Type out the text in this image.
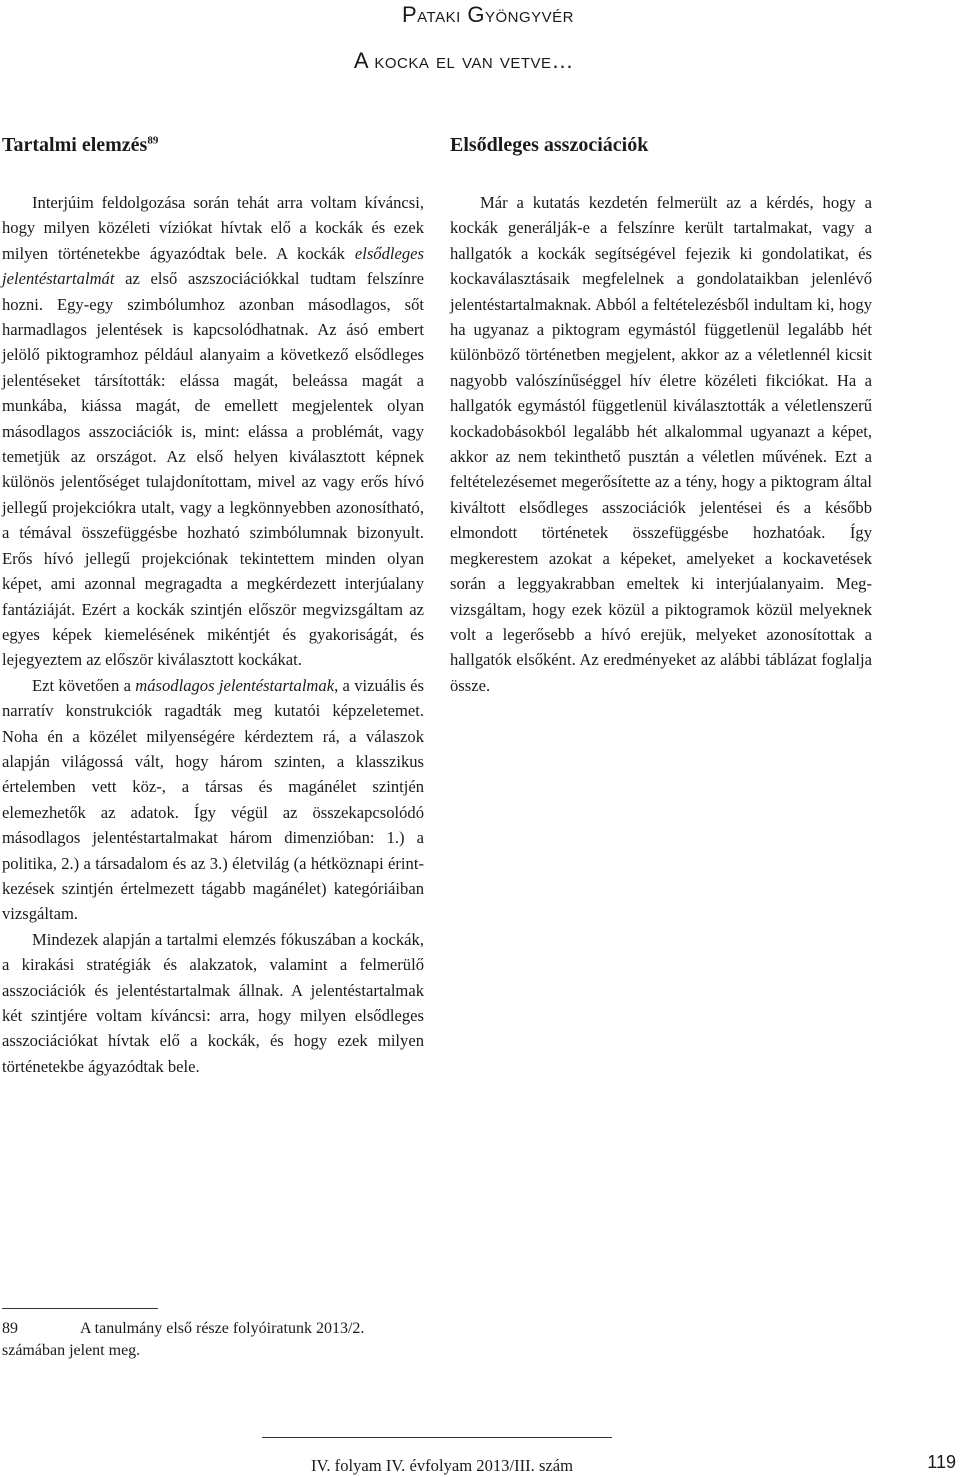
Pataki Gyöngyvér
A kocka el van vetve…
Tartalmi elemzés$^{89}$

Interjúim feldolgozása során tehát arra voltam kíváncsi, hogy milyen közéleti víziókat hívtak elő a kockák és ezek milyen történetekbe ágyazódtak bele. A kockák elsődleges jelentéstartalmát az első aszszociációkkal tudtam felszínre hozni. Egy-egy szimbólumhoz azonban másodlagos, sőt harmadlagos jelentések is kapcsolódhatnak. Az ásó embert jelölő piktogramhoz például alanyaim a következő elsődleges jelentéseket társították: elássa magát, beleássa magát a munkába, kiássa magát, de emellett megjelentek olyan másodlagos asszociációk is, mint: elássa a problémát, vagy temetjük az országot. Az első helyen kiválasztott képnek különös jelentőséget tulajdonítottam, mivel az vagy erős hívó jellegű projekciókra utalt, vagy a legkönnyebben azonosítható, a témával összefüggésbe hozható szimbólumnak bizonyult. Erős hívó jellegű projekciónak tekintettem minden olyan képet, ami azonnal megragadta a megkérdezett interjúalany fantáziáját. Ezért a kockák szintjén először megvizsgáltam az egyes képek kiemelésének mikéntjét és gyakoriságát, és lejegyeztem az először kiválasztott kockákat.

Ezt követően a másodlagos jelentéstartalmak, a vizuális és narratív konstrukciók ragadták meg kutatói képzeletemet. Noha én a közélet milyenségére kérdeztem rá, a válaszok alapján világossá vált, hogy három szinten, a klasszikus értelemben vett köz-, a társas és magánélet szintjén elemezhetők az adatok. Így végül az összekapcsolódó másodlagos jelentéstartalmakat három dimenzióban: 1.) a politika, 2.) a társadalom és az 3.) életvilág (a hétköznapi érintkezések szintjén értelmezett tágabb magánélet) kategóriáiban vizsgáltam.

Mindezek alapján a tartalmi elemzés fókuszában a kockák, a kirakási stratégiák és alakzatok, valamint a felmerülő asszociációk és jelentéstartalmak állnak. A jelentéstartalmak két szintjére voltam kíváncsi: arra, hogy milyen elsődleges asszociációkat hívtak elő a kockák, és hogy ezek milyen történetekbe ágyazódtak bele.

Elsődleges asszociációk

Már a kutatás kezdetén felmerült az a kérdés, hogy a kockák generálják-e a felszínre került tartalmakat, vagy a hallgatók a kockák segítségével fejezik ki gondolatikat, és kockaválasztásaik megfelelnek a gondolataikban jelenlévő jelentéstartalmaknak. Abból a feltételezésből indultam ki, hogy ha ugyanaz a piktogram egymástól függetlenül legalább hét különböző történetben megjelent, akkor az a véletlennél kicsit nagyobb valószínűséggel hív életre közéleti fikciókat. Ha a hallgatók egymástól függetlenül kiválasztották a véletlenszerű kockadobásokból legalább hét alkalommal ugyanazt a képet, akkor az nem tekinthető pusztán a véletlen művének. Ezt a feltételezésemet megerősítette az a tény, hogy a piktogram által kiváltott elsődleges asszociációk jelentései és a később elmondott történetek összefüggésbe hozhatóak. Így megkerestem azokat a képeket, amelyeket a kockavetések során a leggyakrabban emeltek ki interjúalanyaim. Megvizsgáltam, hogy ezek közül a piktogramok közül melyeknek volt a legerősebb a hívó erejük, melyeket azonosítottak a hallgatók elsőként. Az eredményeket az alábbi táblázat foglalja össze.

89	A tanulmány első része folyóiratunk 2013/2. számában jelent meg.
IV. folyam IV. évfolyam 2013/III. szám	119
